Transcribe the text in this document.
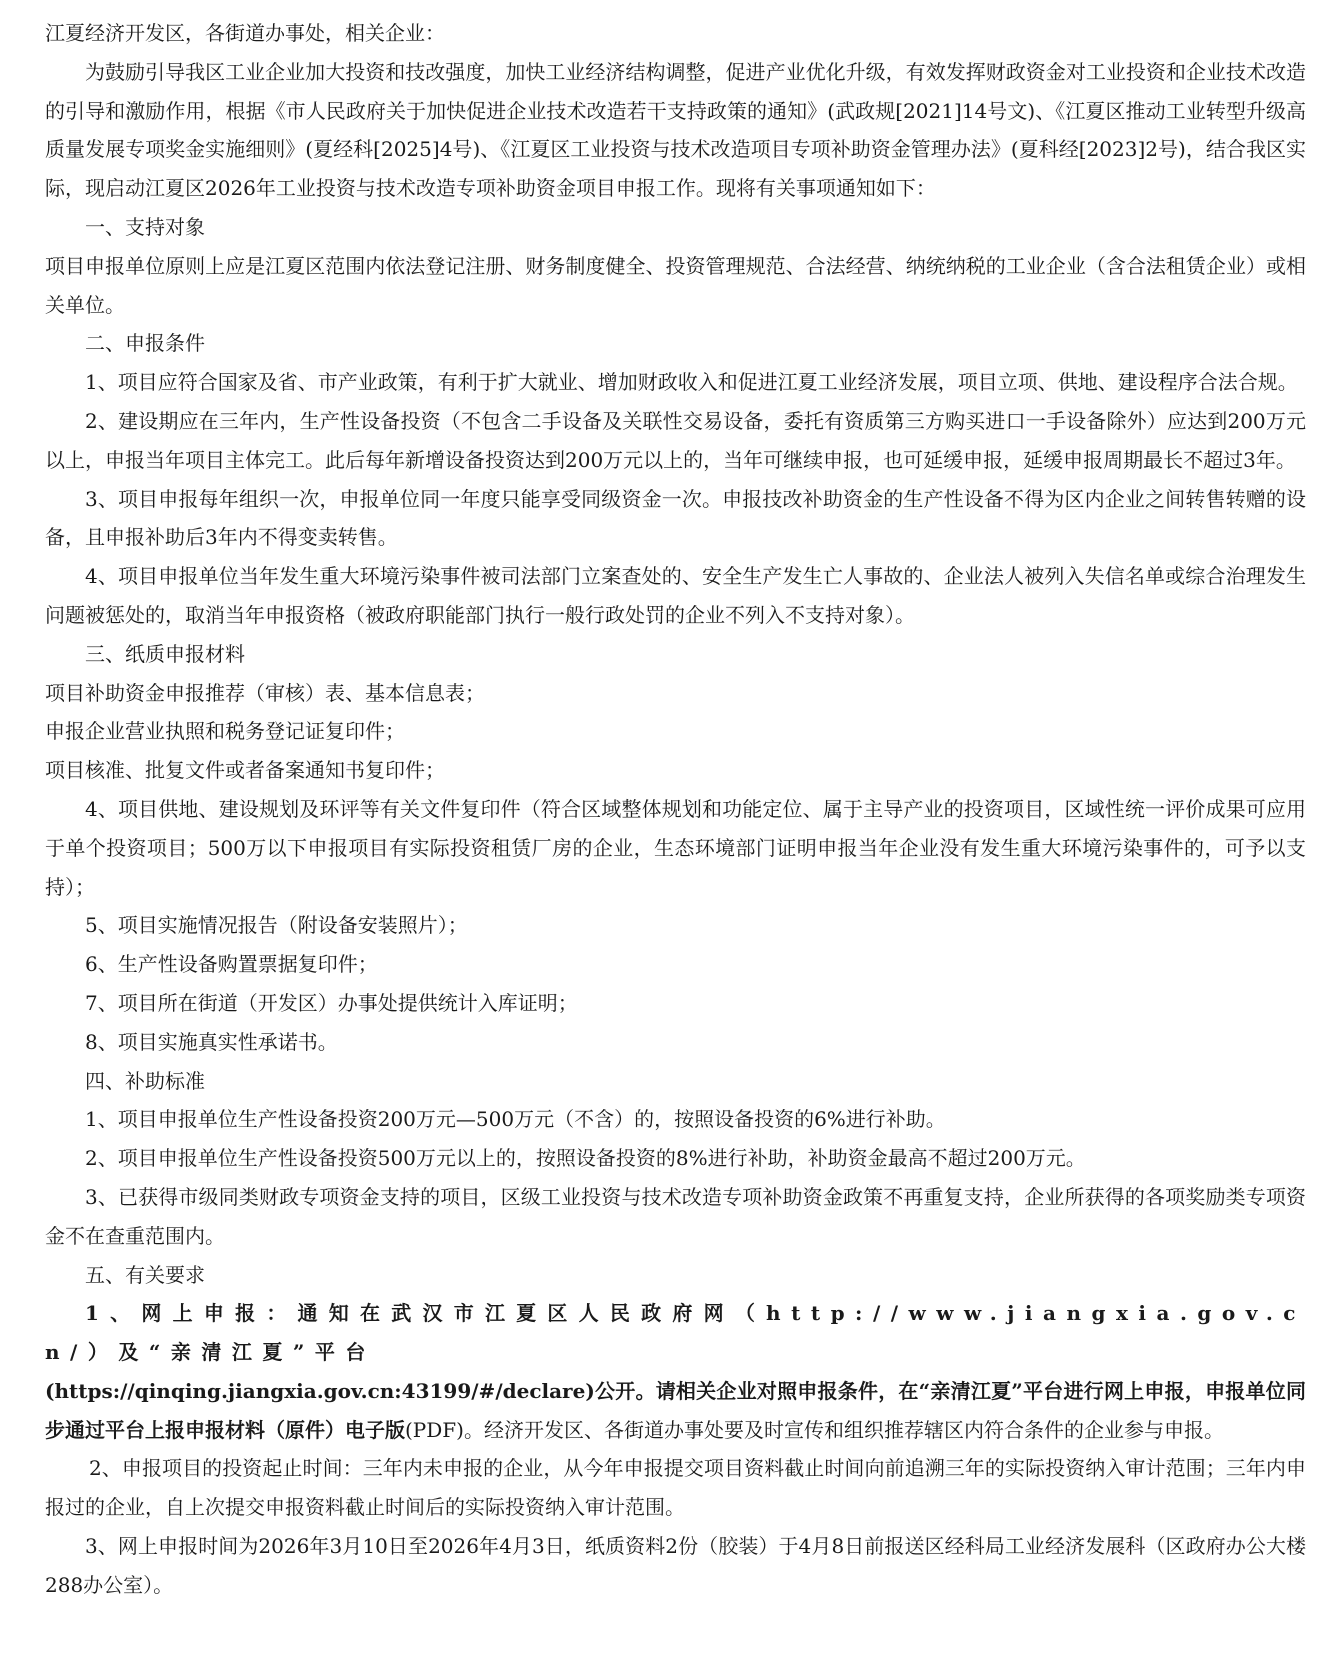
江夏经济开发区，各街道办事处，相关企业：

为鼓励引导我区工业企业加大投资和技改强度，加快工业经济结构调整，促进产业优化升级，有效发挥财政资金对工业投资和企业技术改造的引导和激励作用，根据《市人民政府关于加快促进企业技术改造若干支持政策的通知》(武政规[2021]14号文)、《江夏区推动工业转型升级高质量发展专项奖金实施细则》(夏经科[2025]4号)、《江夏区工业投资与技术改造项目专项补助资金管理办法》(夏科经[2023]2号)，结合我区实际，现启动江夏区2026年工业投资与技术改造专项补助资金项目申报工作。现将有关事项通知如下：

一、支持对象

项目申报单位原则上应是江夏区范围内依法登记注册、财务制度健全、投资管理规范、合法经营、纳统纳税的工业企业（含合法租赁企业）或相关单位。

二、申报条件

1、项目应符合国家及省、市产业政策，有利于扩大就业、增加财政收入和促进江夏工业经济发展，项目立项、供地、建设程序合法合规。

2、建设期应在三年内，生产性设备投资（不包含二手设备及关联性交易设备，委托有资质第三方购买进口一手设备除外）应达到200万元以上，申报当年项目主体完工。此后每年新增设备投资达到200万元以上的，当年可继续申报，也可延缓申报，延缓申报周期最长不超过3年。

3、项目申报每年组织一次，申报单位同一年度只能享受同级资金一次。申报技改补助资金的生产性设备不得为区内企业之间转售转赠的设备，且申报补助后3年内不得变卖转售。

4、项目申报单位当年发生重大环境污染事件被司法部门立案查处的、安全生产发生亡人事故的、企业法人被列入失信名单或综合治理发生问题被惩处的，取消当年申报资格（被政府职能部门执行一般行政处罚的企业不列入不支持对象）。

三、纸质申报材料

项目补助资金申报推荐（审核）表、基本信息表；

申报企业营业执照和税务登记证复印件；

项目核准、批复文件或者备案通知书复印件；

4、项目供地、建设规划及环评等有关文件复印件（符合区域整体规划和功能定位、属于主导产业的投资项目，区域性统一评价成果可应用于单个投资项目；500万以下申报项目有实际投资租赁厂房的企业，生态环境部门证明申报当年企业没有发生重大环境污染事件的，可予以支持）；

5、项目实施情况报告（附设备安装照片）；

6、生产性设备购置票据复印件；

7、项目所在街道（开发区）办事处提供统计入库证明；

8、项目实施真实性承诺书。

四、补助标准

1、项目申报单位生产性设备投资200万元—500万元（不含）的，按照设备投资的6%进行补助。

2、项目申报单位生产性设备投资500万元以上的，按照设备投资的8%进行补助，补助资金最高不超过200万元。

3、已获得市级同类财政专项资金支持的项目，区级工业投资与技术改造专项补助资金政策不再重复支持，企业所获得的各项奖励类专项资金不在查重范围内。

五、有关要求

1、网上申报：通知在武汉市江夏区人民政府网（http://www.jiangxia.gov.cn/）及“亲清江夏”平台

(https://qinqing.jiangxia.gov.cn:43199/#/declare)公开。请相关企业对照申报条件，在“亲清江夏”平台进行网上申报，申报单位同步通过平台上报申报材料（原件）电子版(PDF)。经济开发区、各街道办事处要及时宣传和组织推荐辖区内符合条件的企业参与申报。

2、申报项目的投资起止时间：三年内未申报的企业，从今年申报提交项目资料截止时间向前追溯三年的实际投资纳入审计范围；三年内申报过的企业，自上次提交申报资料截止时间后的实际投资纳入审计范围。

3、网上申报时间为2026年3月10日至2026年4月3日，纸质资料2份（胶装）于4月8日前报送区经科局工业经济发展科（区政府办公大楼288办公室）。
